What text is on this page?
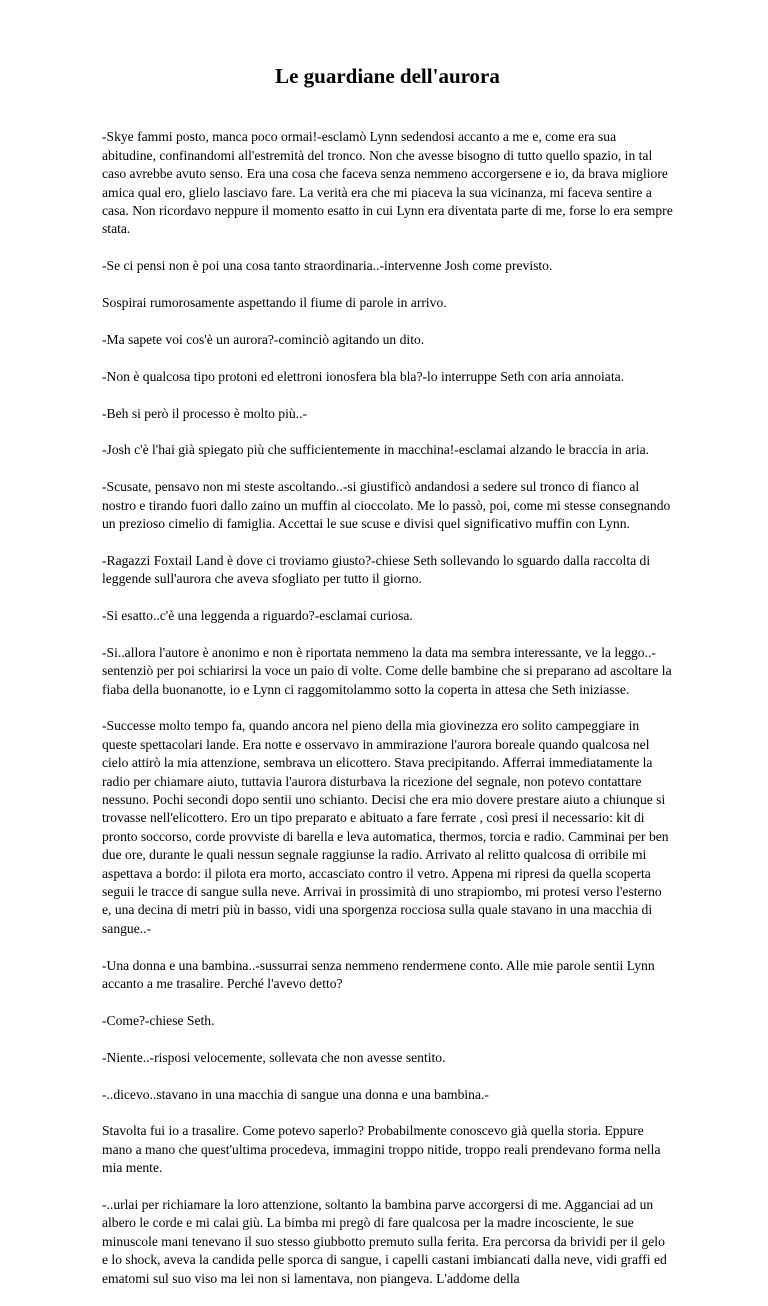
Le guardiane dell'aurora

-Skye fammi posto, manca poco ormai!-esclamò Lynn sedendosi accanto a me e, come era sua abitudine, confinandomi all'estremità del tronco. Non che avesse bisogno di tutto quello spazio, in tal caso avrebbe avuto senso. Era una cosa che faceva senza nemmeno accorgersene e io, da brava migliore amica qual ero, glielo lasciavo fare. La verità era che mi piaceva la sua vicinanza, mi faceva sentire a casa. Non ricordavo neppure il momento esatto in cui Lynn era diventata parte di me, forse lo era sempre stata.

-Se ci pensi non è poi una cosa tanto straordinaria..-intervenne Josh come previsto.

Sospirai rumorosamente aspettando il fiume di parole in arrivo.

-Ma sapete voi cos'è un aurora?-cominciò agitando un dito.

-Non è qualcosa tipo protoni ed elettroni ionosfera bla bla?-lo interruppe Seth con aria annoiata.

-Beh si però il processo è molto più..-

-Josh c'è l'hai già spiegato più che sufficientemente in macchina!-esclamai alzando le braccia in aria.

-Scusate, pensavo non mi steste ascoltando..-si giustificò andandosi a sedere sul tronco di fianco al nostro e tirando fuori dallo zaino un muffin al cioccolato. Me lo passò, poi, come mi stesse consegnando un prezioso cimelio di famiglia. Accettai le sue scuse e divisi quel significativo muffin con Lynn.

-Ragazzi Foxtail Land è dove ci troviamo giusto?-chiese Seth sollevando lo sguardo dalla raccolta di leggende sull'aurora che aveva sfogliato per tutto il giorno.

-Si esatto..c'è una leggenda a riguardo?-esclamai curiosa.

-Si..allora l'autore è anonimo e non è riportata nemmeno la data ma sembra interessante, ve la leggo..-sentenziò per poi schiarirsi la voce un paio di volte. Come delle bambine che si preparano ad ascoltare la fiaba della buonanotte, io e Lynn ci raggomitolammo sotto la coperta in attesa che Seth iniziasse.

-Successe molto tempo fa, quando ancora nel pieno della mia giovinezza ero solito campeggiare in queste spettacolari lande. Era notte e osservavo in ammirazione l'aurora boreale quando qualcosa nel cielo attirò la mia attenzione, sembrava un elicottero. Stava precipitando. Afferrai immediatamente la radio per chiamare aiuto, tuttavia l'aurora disturbava la ricezione del segnale, non potevo contattare nessuno. Pochi secondi dopo sentii uno schianto. Decisi che era mio dovere prestare aiuto a chiunque si trovasse nell'elicottero. Ero un tipo preparato e abituato a fare ferrate , così presi il necessario: kit di pronto soccorso, corde provviste di barella e leva automatica, thermos, torcia e radio. Camminai per ben due ore, durante le quali nessun segnale raggiunse la radio. Arrivato al relitto qualcosa di orribile mi aspettava a bordo: il pilota era morto, accasciato contro il vetro. Appena mi ripresi da quella scoperta seguii le tracce di sangue sulla neve. Arrivai in prossimità di uno strapiombo, mi protesi verso l'esterno e, una decina di metri più in basso, vidi una sporgenza rocciosa sulla quale stavano in una macchia di sangue..-

-Una donna e una bambina..-sussurrai senza nemmeno rendermene conto. Alle mie parole sentii Lynn accanto a me trasalire. Perché l'avevo detto?

-Come?-chiese Seth.

-Niente..-risposi velocemente, sollevata che non avesse sentito.

-..dicevo..stavano in una macchia di sangue una donna e una bambina.-

Stavolta fui io a trasalire. Come potevo saperlo? Probabilmente conoscevo già quella storia. Eppure mano a mano che quest'ultima procedeva, immagini troppo nitide, troppo reali prendevano forma nella mia mente.

-..urlai per richiamare la loro attenzione, soltanto la bambina parve accorgersi di me. Agganciai ad un albero le corde e mi calai giù. La bimba mi pregò di fare qualcosa per la madre incosciente, le sue minuscole mani tenevano il suo stesso giubbotto premuto sulla ferita. Era percorsa da brividi per il gelo e lo shock, aveva la candida pelle sporca di sangue, i capelli castani imbiancati dalla neve, vidi graffi ed ematomi sul suo viso ma lei non si lamentava, non piangeva. L'addome della
